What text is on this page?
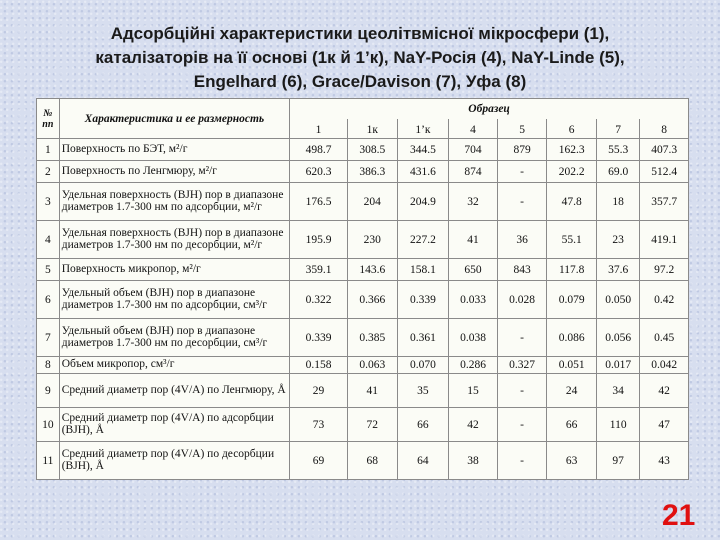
Адсорбційні характеристики цеолітвмісної мікросфери (1),
каталізаторів на її основі (1к й 1’к), NaY-Росія (4), NaY-Linde (5),
Engelhard (6), Grace/Davison (7), Уфа (8)
№ пп	Характеристика и ее размерность	Образец							
		1	1к	1’к	4	5	6	7	8
1	Поверхность по БЭТ, м²/г	498.7	308.5	344.5	704	879	162.3	55.3	407.3
2	Поверхность по Ленгмюру, м²/г	620.3	386.3	431.6	874	-	202.2	69.0	512.4
3	Удельная поверхность (BJH) пор в диапазоне диаметров 1.7-300 нм по адсорбции, м²/г	176.5	204	204.9	32	-	47.8	18	357.7
4	Удельная поверхность (BJH) пор в диапазоне диаметров 1.7-300 нм по десорбции, м²/г	195.9	230	227.2	41	36	55.1	23	419.1
5	Поверхность микропор, м²/г	359.1	143.6	158.1	650	843	117.8	37.6	97.2
6	Удельный объем (BJH) пор в диапазоне диаметров 1.7-300 нм по адсорбции, см³/г	0.322	0.366	0.339	0.033	0.028	0.079	0.050	0.42
7	Удельный объем (BJH) пор в диапазоне диаметров 1.7-300 нм по десорбции, см³/г	0.339	0.385	0.361	0.038	-	0.086	0.056	0.45
8	Объем микропор, см³/г	0.158	0.063	0.070	0.286	0.327	0.051	0.017	0.042
9	Средний диаметр пор (4V/A) по Ленгмюру, Å	29	41	35	15	-	24	34	42
10	Средний диаметр пор (4V/A) по адсорбции (BJH), Å	73	72	66	42	-	66	110	47
11	Средний диаметр пор (4V/A) по десорбции (BJH), Å	69	68	64	38	-	63	97	43
21
